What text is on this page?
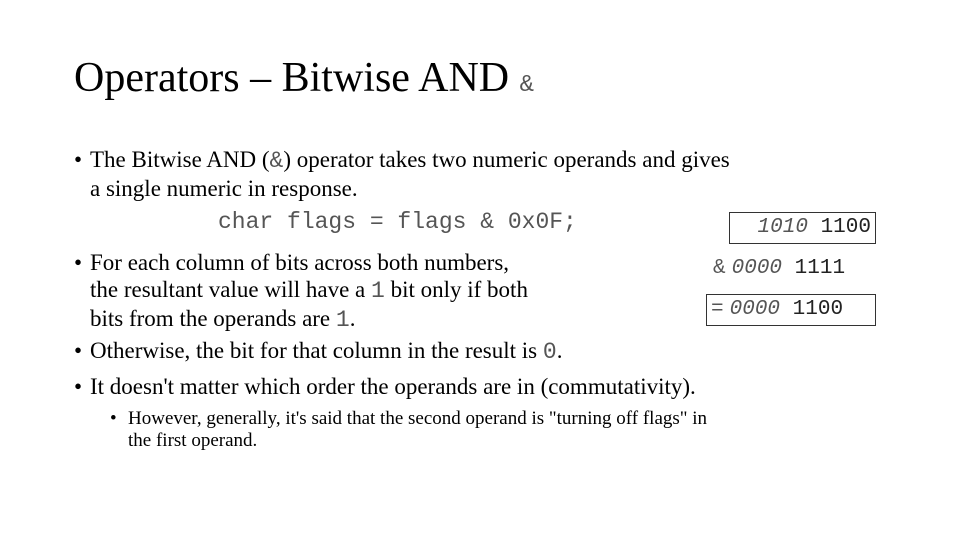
Operators – Bitwise AND &
• The Bitwise AND (&) operator takes two numeric operands and gives
a single numeric in response.
char flags = flags & 0x0F;
• For each column of bits across both numbers,
the resultant value will have a 1 bit only if both
bits from the operands are 1.
• Otherwise, the bit for that column in the result is 0.
• It doesn't matter which order the operands are in (commutativity).
• However, generally, it's said that the second operand is "turning off flags" in
the first operand.
1010 1100
& 0000 1111
= 0000 1100
